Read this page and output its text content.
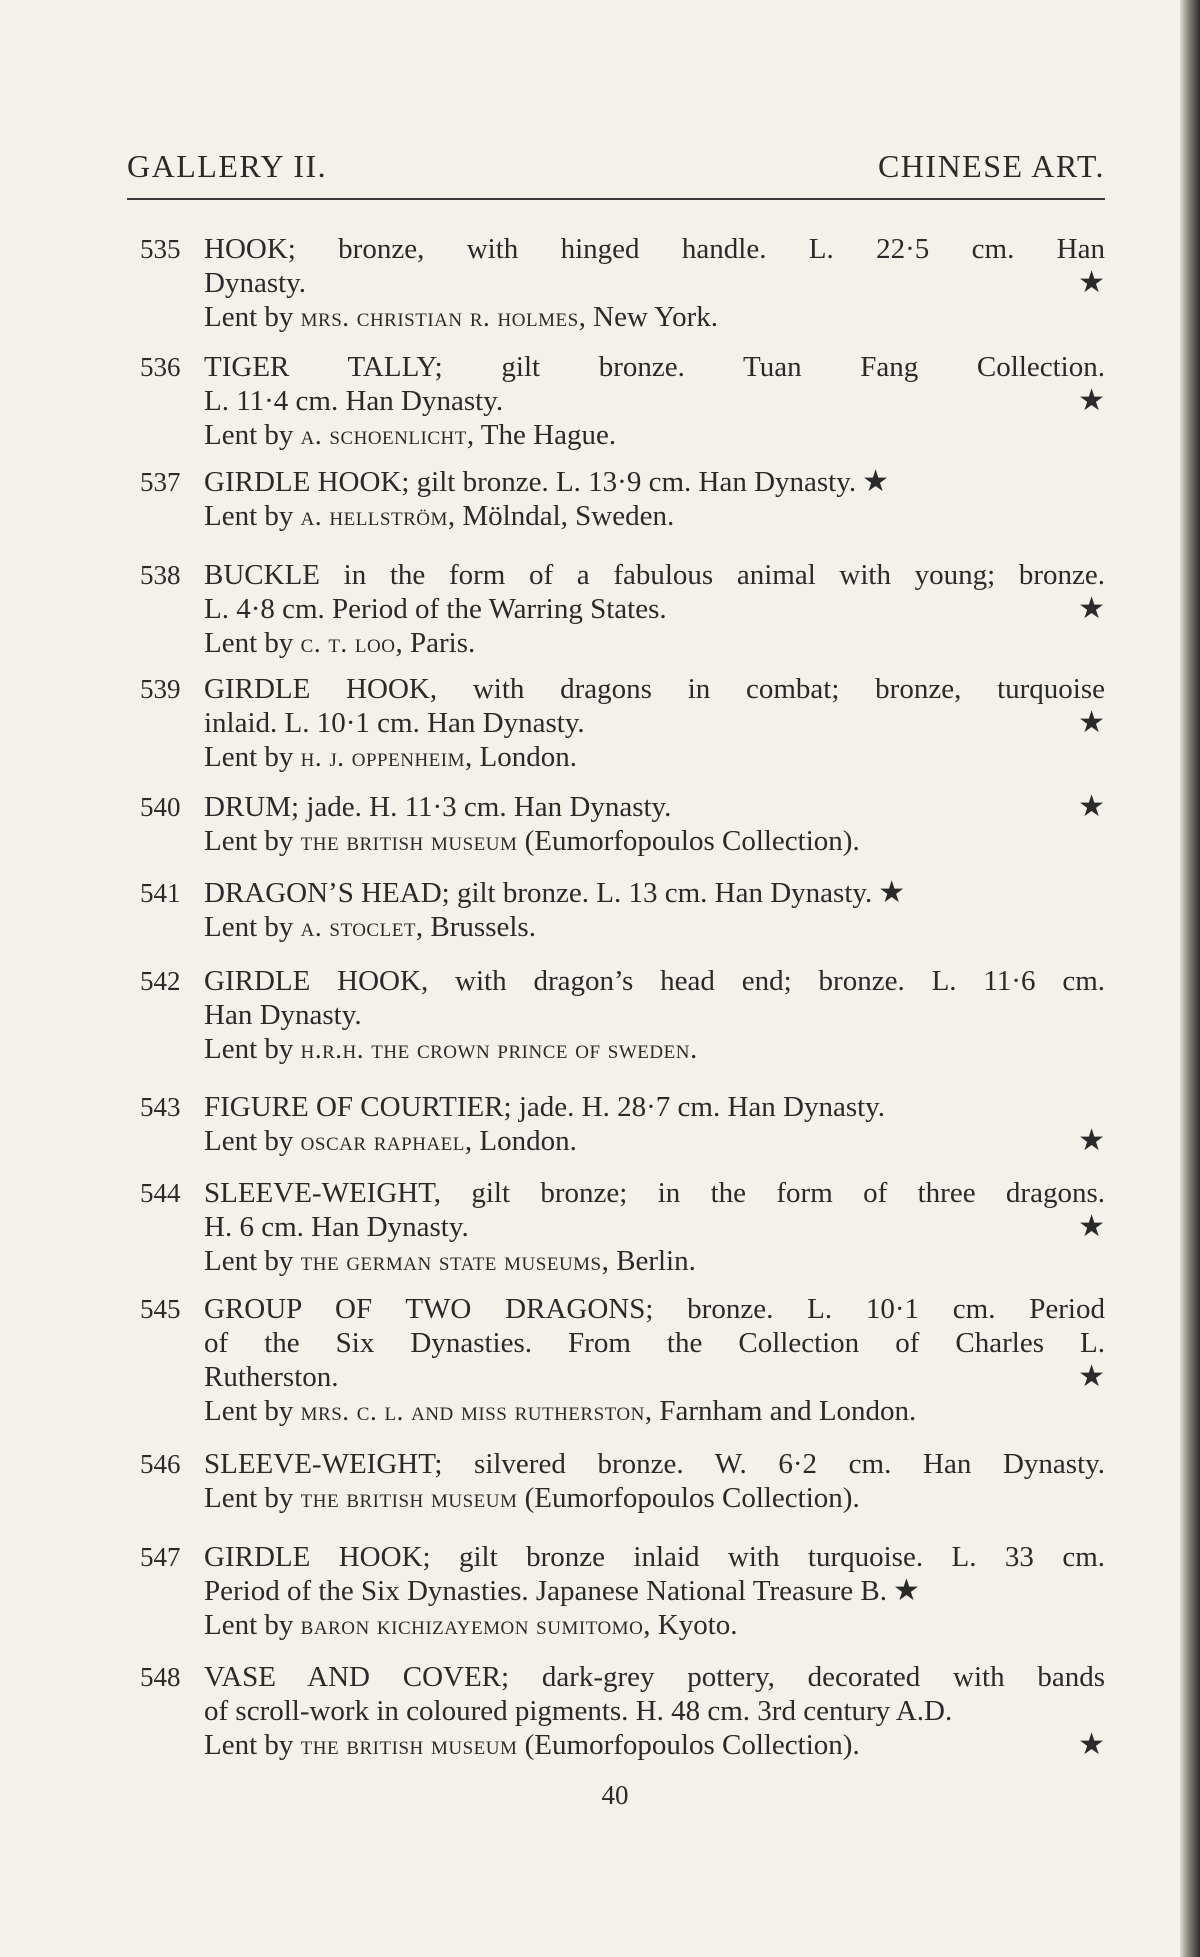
GALLERY II.	CHINESE ART.
535 HOOK; bronze, with hinged handle. L. 22·5 cm. Han
Dynasty.	★
Lent by mrs. christian r. holmes, New York.
536 TIGER TALLY; gilt bronze. Tuan Fang Collection.
L. 11·4 cm. Han Dynasty.	★
Lent by a. schoenlicht, The Hague.
537 GIRDLE HOOK; gilt bronze. L. 13·9 cm. Han Dynasty. ★
Lent by a. hellström, Mölndal, Sweden.
538 BUCKLE in the form of a fabulous animal with young; bronze.
L. 4·8 cm. Period of the Warring States.	★
Lent by c. t. loo, Paris.
539 GIRDLE HOOK, with dragons in combat; bronze, turquoise
inlaid. L. 10·1 cm. Han Dynasty.	★
Lent by h. j. oppenheim, London.
540 DRUM; jade. H. 11·3 cm. Han Dynasty.	★
Lent by the british museum (Eumorfopoulos Collection).
541 DRAGON’S HEAD; gilt bronze. L. 13 cm. Han Dynasty. ★
Lent by a. stoclet, Brussels.
542 GIRDLE HOOK, with dragon’s head end; bronze. L. 11·6 cm.
Han Dynasty.
Lent by h.r.h. the crown prince of sweden.
543 FIGURE OF COURTIER; jade. H. 28·7 cm. Han Dynasty.
Lent by oscar raphael, London.	★
544 SLEEVE-WEIGHT, gilt bronze; in the form of three dragons.
H. 6 cm. Han Dynasty.	★
Lent by the german state museums, Berlin.
545 GROUP OF TWO DRAGONS; bronze. L. 10·1 cm. Period
of the Six Dynasties. From the Collection of Charles L.
Rutherston.	★
Lent by mrs. c. l. and miss rutherston, Farnham and London.
546 SLEEVE-WEIGHT; silvered bronze. W. 6·2 cm. Han Dynasty.
Lent by the british museum (Eumorfopoulos Collection).
547 GIRDLE HOOK; gilt bronze inlaid with turquoise. L. 33 cm.
Period of the Six Dynasties. Japanese National Treasure B. ★
Lent by baron kichizayemon sumitomo, Kyoto.
548 VASE AND COVER; dark-grey pottery, decorated with bands
of scroll-work in coloured pigments. H. 48 cm. 3rd century A.D.
Lent by the british museum (Eumorfopoulos Collection).	★
40
